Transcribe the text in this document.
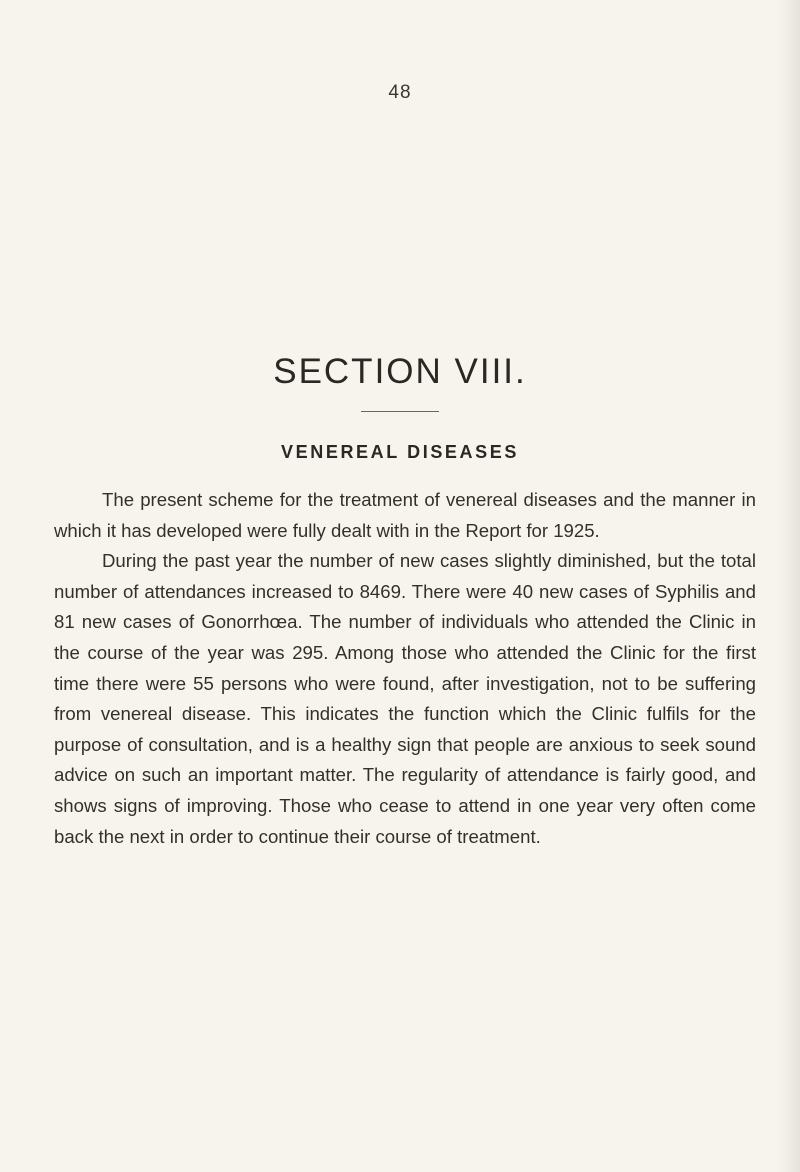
48
SECTION VIII.
VENEREAL DISEASES

The present scheme for the treatment of venereal diseases and the manner in which it has developed were fully dealt with in the Report for 1925.

During the past year the number of new cases slightly diminished, but the total number of attendances increased to 8469. There were 40 new cases of Syphilis and 81 new cases of Gonorrhœa. The number of individuals who attended the Clinic in the course of the year was 295. Among those who attended the Clinic for the first time there were 55 persons who were found, after investigation, not to be suffering from venereal disease. This indicates the function which the Clinic fulfils for the purpose of consultation, and is a healthy sign that people are anxious to seek sound advice on such an important matter. The regularity of attendance is fairly good, and shows signs of improving. Those who cease to attend in one year very often come back the next in order to continue their course of treatment.
